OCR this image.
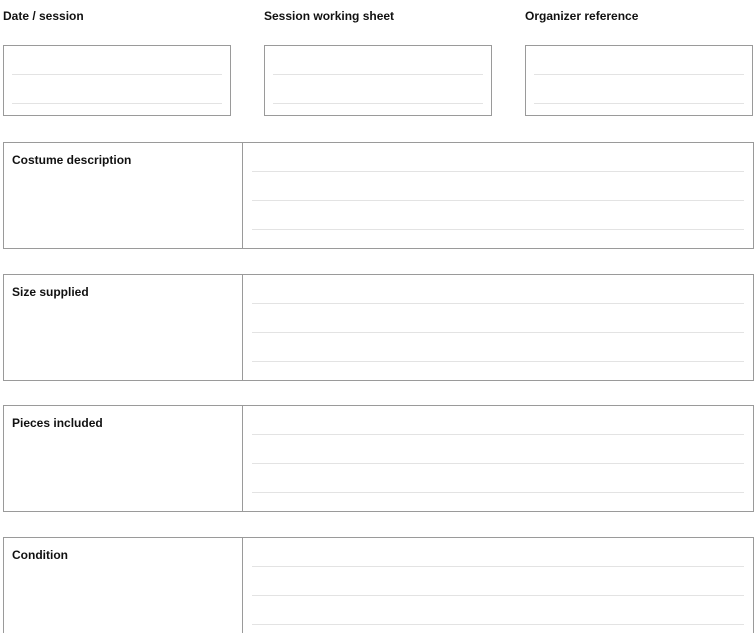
Date / session	Session working sheet	Organizer reference
Costume description
Size supplied
Pieces included
Condition
